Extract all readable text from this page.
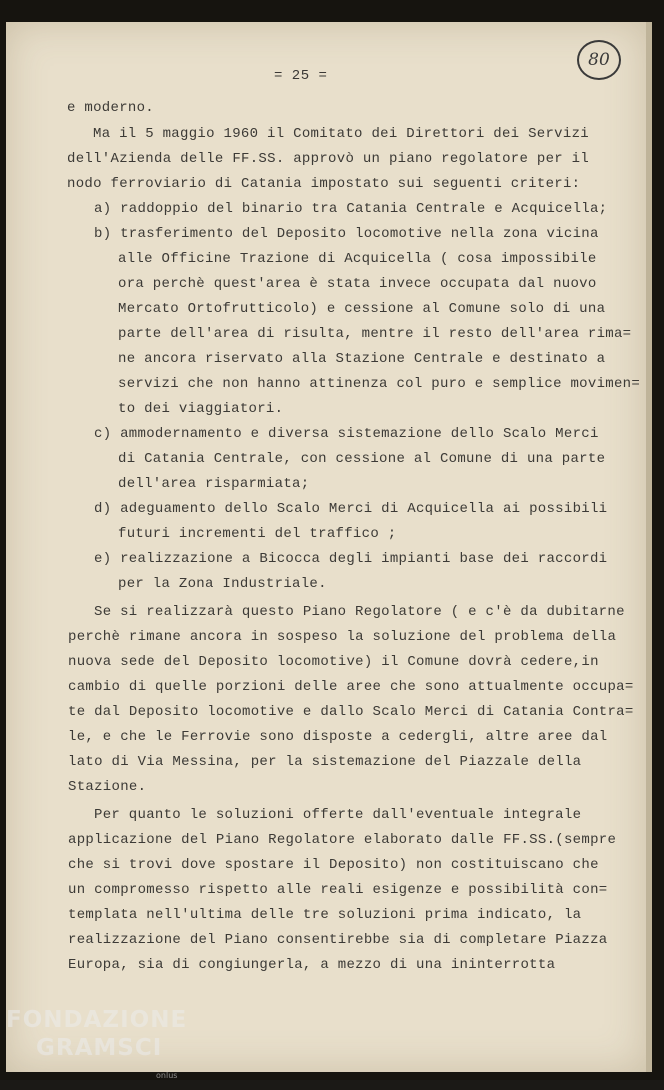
80
= 25 =
e moderno.
Ma il 5 maggio 1960 il Comitato dei Direttori dei Servizi
dell'Azienda delle FF.SS. approvò un piano regolatore per il
nodo ferroviario di Catania impostato sui seguenti criteri:
a) raddoppio del binario tra Catania Centrale e Acquicella;
b) trasferimento del Deposito locomotive nella zona vicina
alle Officine Trazione di Acquicella ( cosa impossibile
ora perchè quest'area è stata invece occupata dal nuovo
Mercato Ortofrutticolo) e cessione al Comune solo di una
parte dell'area di risulta, mentre il resto dell'area rima=
ne ancora riservato alla Stazione Centrale e destinato a
servizi che non hanno attinenza col puro e semplice movimen=
to dei viaggiatori.
c) ammodernamento e diversa sistemazione dello Scalo Merci
di Catania Centrale, con cessione al Comune di una parte
dell'area risparmiata;
d) adeguamento dello Scalo Merci di Acquicella ai possibili
futuri incrementi del traffico ;
e) realizzazione a Bicocca degli impianti base dei raccordi
per la Zona Industriale.
Se si realizzarà questo Piano Regolatore ( e c'è da dubitarne
perchè rimane ancora in sospeso la soluzione del problema della
nuova sede del Deposito locomotive) il Comune dovrà cedere,in
cambio di quelle porzioni delle aree che sono attualmente occupa=
te dal Deposito locomotive e dallo Scalo Merci di Catania Contra=
le, e che le Ferrovie sono disposte a cedergli, altre aree dal
lato di Via Messina, per la sistemazione del Piazzale della
Stazione.
Per quanto le soluzioni offerte dall'eventuale integrale
applicazione del Piano Regolatore elaborato dalle FF.SS.(sempre
che si trovi dove spostare il Deposito) non costituiscano che
un compromesso rispetto alle reali esigenze e possibilità con=
templata nell'ultima delle tre soluzioni prima indicato, la
realizzazione del Piano consentirebbe sia di completare Piazza
Europa, sia di congiungerla, a mezzo di una ininterrotta
FONDAZIONE
GRAMSCI
onlus
